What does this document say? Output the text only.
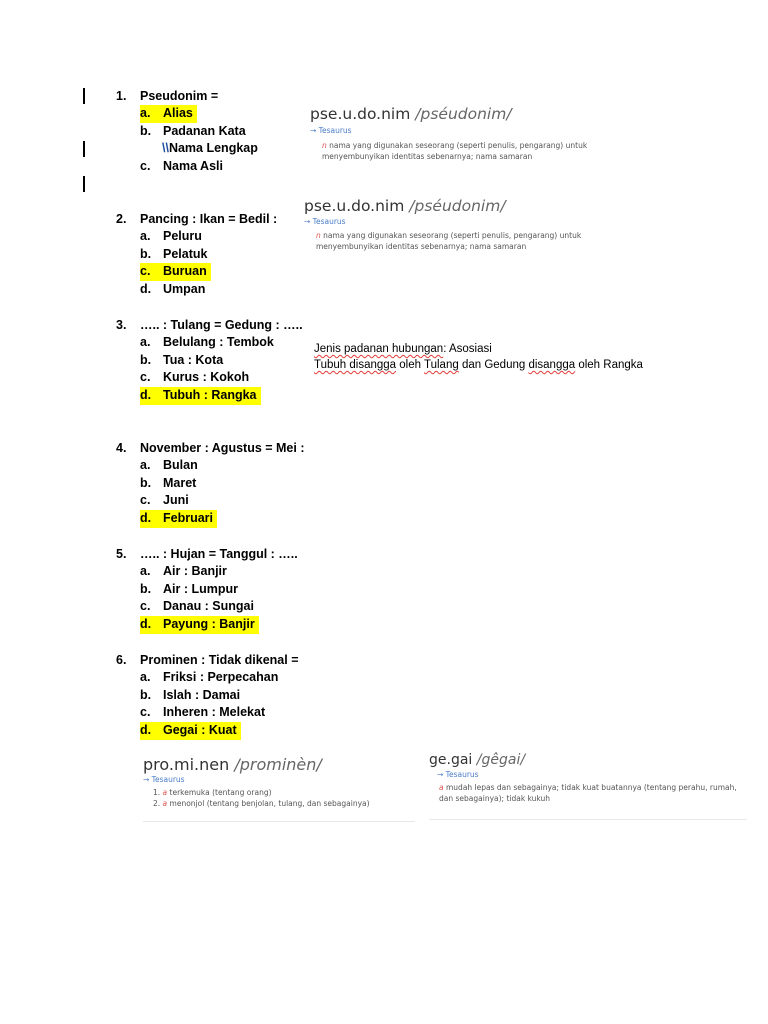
1. Pseudonim =
a. Alias
b. Padanan Kata
\\Nama Lengkap
c. Nama Asli
2. Pancing : Ikan = Bedil :
a. Peluru
b. Pelatuk
c. Buruan
d. Umpan
3. ….. : Tulang = Gedung : …..
a. Belulang : Tembok
b. Tua : Kota
c. Kurus : Kokoh
d. Tubuh : Rangka
4. November : Agustus = Mei :
a. Bulan
b. Maret
c. Juni
d. Februari
5. ….. : Hujan = Tanggul : …..
a. Air : Banjir
b. Air : Lumpur
c. Danau : Sungai
d. Payung : Banjir
6. Prominen : Tidak dikenal =
a. Friksi : Perpecahan
b. Islah : Damai
c. Inheren : Melekat
d. Gegai : Kuat
pse.u.do.nim /pséudonim/
→ Tesaurus
n nama yang digunakan seseorang (seperti penulis, pengarang) untuk menyembunyikan identitas sebenarnya; nama samaran
pse.u.do.nim /pséudonim/
→ Tesaurus
n nama yang digunakan seseorang (seperti penulis, pengarang) untuk menyembunyikan identitas sebenarnya; nama samaran
Jenis padanan hubungan: Asosiasi
Tubuh disangga oleh Tulang dan Gedung disangga oleh Rangka
pro.mi.nen /prominèn/
→ Tesaurus
1. a terkemuka (tentang orang)
2. a menonjol (tentang benjolan, tulang, dan sebagainya)
ge.gai /gêgai/
→ Tesaurus
a mudah lepas dan sebagainya; tidak kuat buatannya (tentang perahu, rumah, dan sebagainya); tidak kukuh
